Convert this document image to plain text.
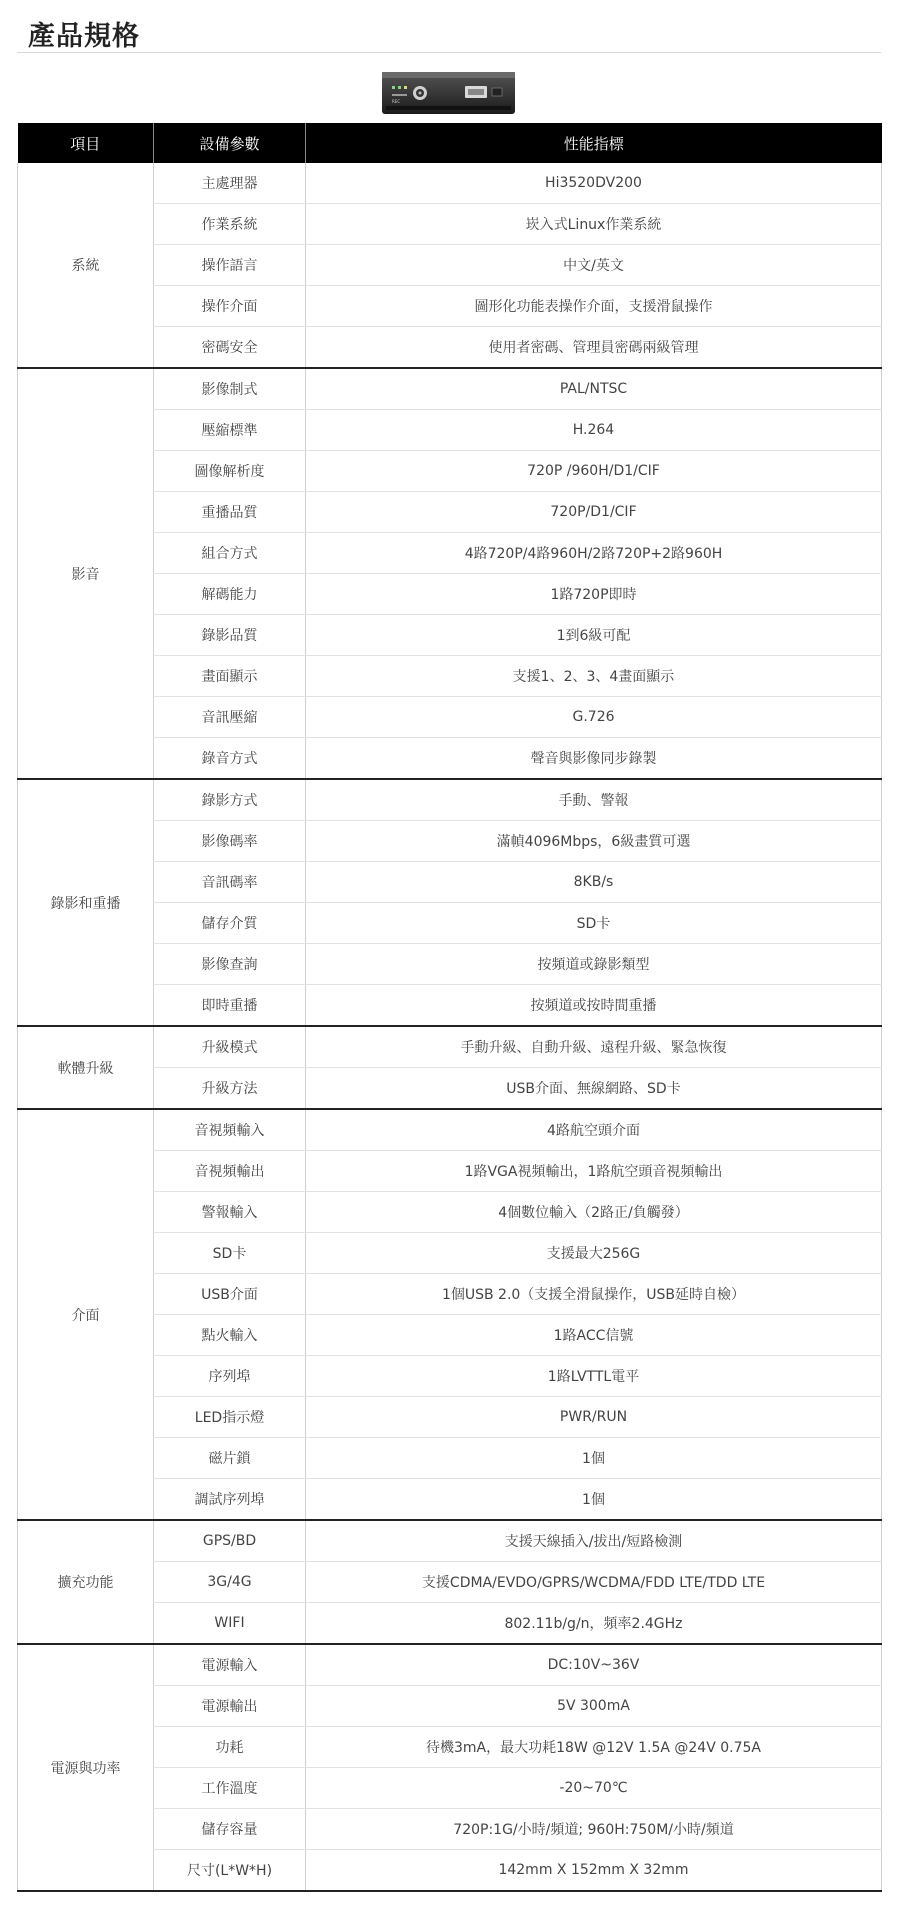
產品規格
REC
項目	設備參數	性能指標
系統	主處理器	Hi3520DV200
	作業系統	崁入式Linux作業系統
	操作語言	中文/英文
	操作介面	圖形化功能表操作介面，支援滑鼠操作
	密碼安全	使用者密碼、管理員密碼兩級管理
影音	影像制式	PAL/NTSC
	壓縮標準	H.264
	圖像解析度	720P /960H/D1/CIF
	重播品質	720P/D1/CIF
	組合方式	4路720P/4路960H/2路720P+2路960H
	解碼能力	1路720P即時
	錄影品質	1到6級可配
	畫面顯示	支援1、2、3、4畫面顯示
	音訊壓縮	G.726
	錄音方式	聲音與影像同步錄製
錄影和重播	錄影方式	手動、警報
	影像碼率	滿幀4096Mbps，6級畫質可選
	音訊碼率	8KB/s
	儲存介質	SD卡
	影像查詢	按頻道或錄影類型
	即時重播	按頻道或按時間重播
軟體升級	升級模式	手動升級、自動升級、遠程升級、緊急恢復
	升級方法	USB介面、無線網路、SD卡
介面	音視頻輸入	4路航空頭介面
	音視頻輸出	1路VGA視頻輸出，1路航空頭音視頻輸出
	警報輸入	4個數位輸入（2路正/負觸發）
	SD卡	支援最大256G
	USB介面	1個USB 2.0（支援全滑鼠操作，USB延時自檢）
	點火輸入	1路ACC信號
	序列埠	1路LVTTL電平
	LED指示燈	PWR/RUN
	磁片鎖	1個
	調試序列埠	1個
擴充功能	GPS/BD	支援天線插入/拔出/短路檢測
	3G/4G	支援CDMA/EVDO/GPRS/WCDMA/FDD LTE/TDD LTE
	WIFI	802.11b/g/n，頻率2.4GHz
電源與功率	電源輸入	DC:10V~36V
	電源輸出	5V 300mA
	功耗	待機3mA，最大功耗18W @12V 1.5A @24V 0.75A
	工作溫度	-20~70℃
	儲存容量	720P:1G/小時/頻道; 960H:750M/小時/頻道
	尺寸(L*W*H)	142mm X 152mm X 32mm
